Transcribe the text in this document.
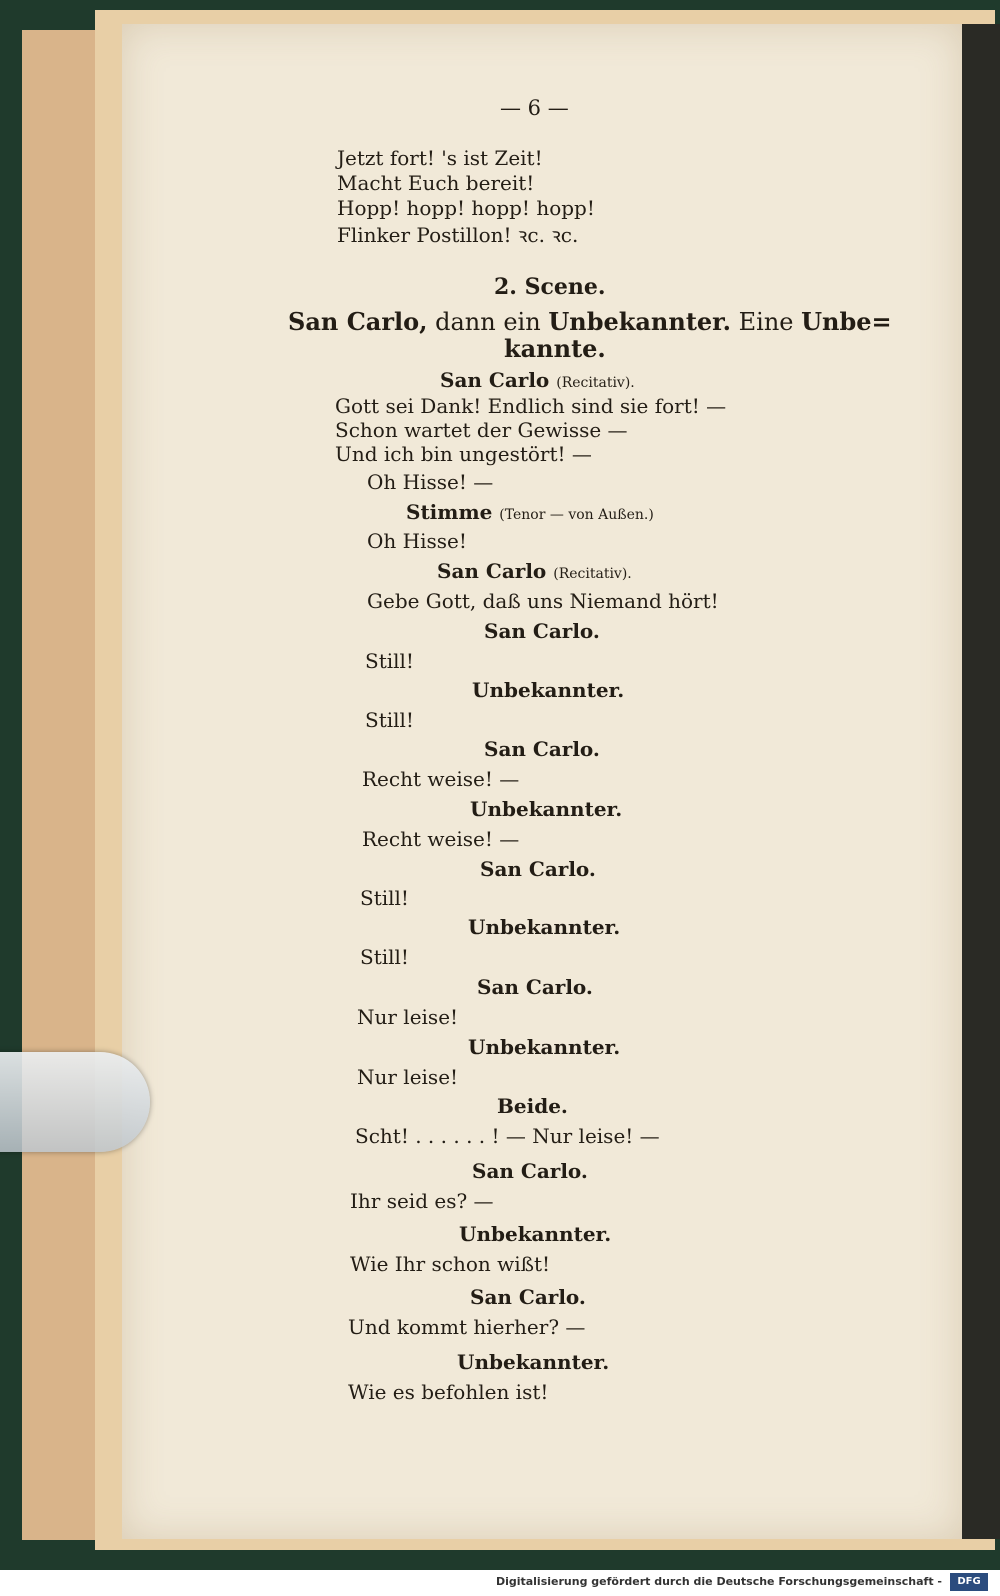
— 6 —
Jetzt fort! 's ist Zeit!
Macht Euch bereit!
Hopp! hopp! hopp! hopp!
Flinker Postillon! ꝛc. ꝛc.
2. Scene.
San Carlo, dann ein Unbekannter. Eine Unbe=
kannte.
San Carlo (Recitativ).
Gott sei Dank! Endlich sind sie fort! —
Schon wartet der Gewisse —
Und ich bin ungestört! —
Oh Hisse! —
Stimme (Tenor — von Außen.)
Oh Hisse!
San Carlo (Recitativ).
Gebe Gott, daß uns Niemand hört!
San Carlo.
Still!
Unbekannter.
Still!
San Carlo.
Recht weise! —
Unbekannter.
Recht weise! —
San Carlo.
Still!
Unbekannter.
Still!
San Carlo.
Nur leise!
Unbekannter.
Nur leise!
Beide.
Scht! . . . . . . ! — Nur leise! —
San Carlo.
Ihr seid es? —
Unbekannter.
Wie Ihr schon wißt!
San Carlo.
Und kommt hierher? —
Unbekannter.
Wie es befohlen ist!
Digitalisierung gefördert durch die Deutsche Forschungsgemeinschaft -	DFG
